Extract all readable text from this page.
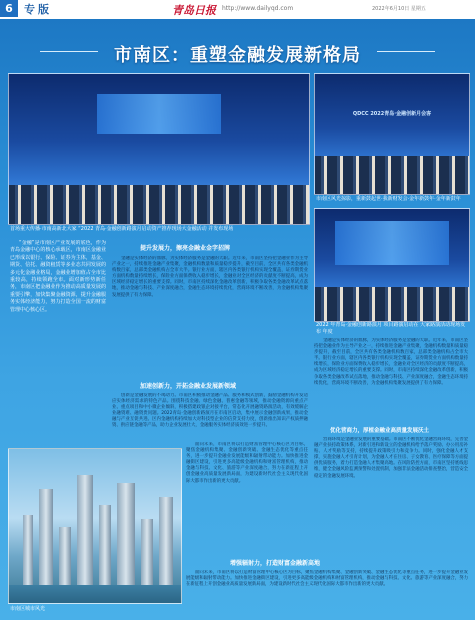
6	专版	青岛日报 http://www.dailyqd.com	2022年6月10日 星期五
市南区：重塑金融发展新格局
首场重大传播·市南高新北大家 “2022 青岛·金融创新路演月启动资产推荐现场大金融活动 并发布现场
QDCC 2022青岛·金融创新月会客
市南区风光掠影，重新鼓起世·我新财发会·金年新鼓年·金年新鼓年
2022 年青岛·金融创新路演月 项目路演启动在 大家路演活动现场发布 年度

“金融”是市南区产业发展的底色，作为青岛金融中心的核心承载区，市南区金融业已形成以银行、保险、证券为主体，基金、期货、信托、融资租赁等多业态共同发展的多元化金融业格局，金融业增加值占全市比重较高，持续领跑全市。面对新形势新任务，市南区把金融业作为推动高质量发展的重要引擎，加快集聚金融资源，提升金融服务实体经济能力，努力打造全国一流的财富管理中心核心区。

提升发展力，擦亮金融业金字招牌

金融是实体经济的血脉，为实体经济服务是金融的天职。近年来，市南区坚持把金融业作为主导产业之一，持续推进金融产业集聚，金融机构数量和质量稳步提升，截至目前，全区共有各类金融机构数百家，总部类金融机构占全市大半。银行业方面，辖区内各类银行机构实现全覆盖，证券期货业方面机构数量持续增长，保险业方面保费收入稳步增长，金融业对全区经济的贡献度不断提高，成为区域经济稳定增长的重要支撑。同时，市南区持续深化金融改革创新，积极争取各类金融改革试点落地，推动金融与科技、产业深度融合，金融生态环境持续优化，营商环境不断改善，为金融机构集聚发展提供了有力保障。

加速创新力，开拓金融业发展新领域

创新是金融发展的不竭动力。市南区积极推动金融产品、服务和模式创新，鼓励金融机构开发适应实体经济需求的特色产品。围绕科技金融、绿色金融、普惠金融等领域，推动金融资源向重点产业、重点项目和中小微企业倾斜，积极搭建政银企对接平台，常态化开展融资路演活动，有效缓解企业融资难、融资贵问题。2022青岛·金融创新路演月在市南区启动，集中展示金融创新成果，推动金融与产业互促共进。区内金融机构持续加大对科技型企业的信贷支持力度，创新推出知识产权质押融资、供应链金融等产品，助力企业发展壮大，金融服务实体经济质效进一步提升。

面向未来，市南区将以打造财富管理中心核心区为目标，聚焦金融机构集聚、金融创新突破、金融生态优化等重点任务，进一步提升金融业发展能级和辐射带动能力。加快推进金融街区建设，引进更多高能级金融机构和财富管理机构，推动金融与科技、文化、旅游等产业深度融合，努力在新征程上开创金融业高质量发展新局面，为建设新时代社会主义现代化国际大都市作出新的更大贡献。

金融是实体经济的血脉，为实体经济服务是金融的天职。近年来，市南区坚持把金融业作为主导产业之一，持续推进金融产业集聚，金融机构数量和质量稳步提升，截至目前，全区共有各类金融机构数百家，总部类金融机构占全市大半。银行业方面，辖区内各类银行机构实现全覆盖，证券期货业方面机构数量持续增长，保险业方面保费收入稳步增长，金融业对全区经济的贡献度不断提高，成为区域经济稳定增长的重要支撑。同时，市南区持续深化金融改革创新，积极争取各类金融改革试点落地，推动金融与科技、产业深度融合，金融生态环境持续优化，营商环境不断改善，为金融机构集聚发展提供了有力保障。

优化营商力，厚植金融业高质量发展沃土

营商环境是金融业发展的重要基础。市南区不断优化金融营商环境，完善金融产业扶持政策体系，对新引进和新设立的金融机构给予落户奖励、办公用房补贴、人才奖励等支持，持续提升政策吸引力和竞争力。同时，强化金融人才支撑，实施金融人才引育计划，为金融人才在住房、子女教育、医疗保障等方面提供优质服务，着力打造金融人才集聚高地。在风险防控方面，市南区坚持底线思维，健全金融风险监测预警和处置机制，加强非法金融活动排查整治，营造安全稳定的金融发展环境。

市南区城市风光
增强辐射力，打造财富金融新高地

面向未来，市南区将以打造财富管理中心核心区为目标，聚焦金融机构集聚、金融创新突破、金融生态优化等重点任务，进一步提升金融业发展能级和辐射带动能力。加快推进金融街区建设，引进更多高能级金融机构和财富管理机构，推动金融与科技、文化、旅游等产业深度融合，努力在新征程上开创金融业高质量发展新局面，为建设新时代社会主义现代化国际大都市作出新的更大贡献。
